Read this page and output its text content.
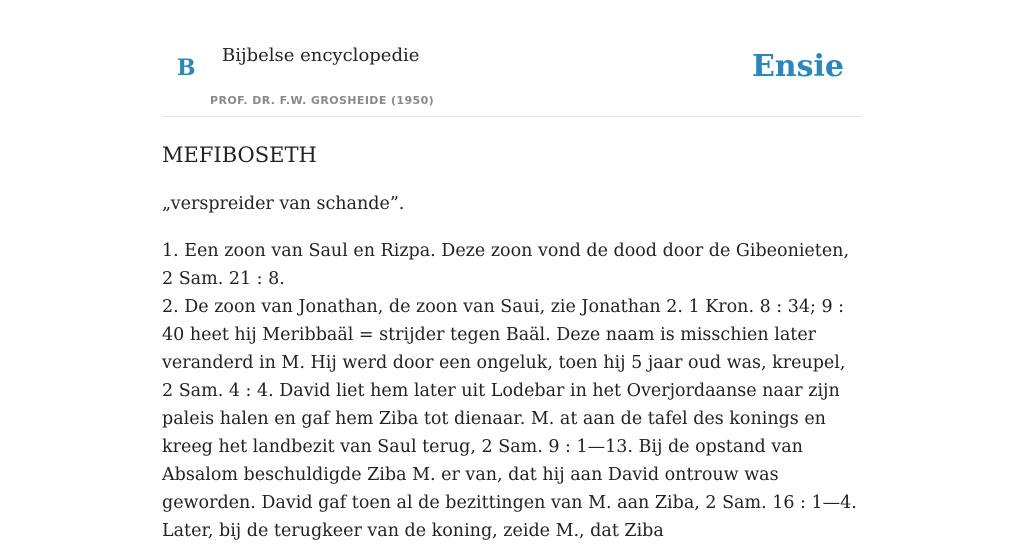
B Bijbelse encyclopedie
PROF. DR. F.W. GROSHEIDE (1950)
Ensie
MEFIBOSETH

„verspreider van schande”.

1. Een zoon van Saul en Rizpa. Deze zoon vond de dood door de Gibeonieten, 2 Sam. 21 : 8.

2. De zoon van Jonathan, de zoon van Saui, zie Jonathan 2. 1 Kron. 8 : 34; 9 : 40 heet hij Meribbaäl = strijder tegen Baäl. Deze naam is misschien later veranderd in M. Hij werd door een ongeluk, toen hij 5 jaar oud was, kreupel, 2 Sam. 4 : 4. David liet hem later uit Lodebar in het Overjordaanse naar zijn paleis halen en gaf hem Ziba tot dienaar. M. at aan de tafel des konings en kreeg het landbezit van Saul terug, 2 Sam. 9 : 1—13. Bij de opstand van Absalom beschuldigde Ziba M. er van, dat hij aan David ontrouw was geworden. David gaf toen al de bezittingen van M. aan Ziba, 2 Sam. 16 : 1—4. Later, bij de terugkeer van de koning, zeide M., dat Ziba
